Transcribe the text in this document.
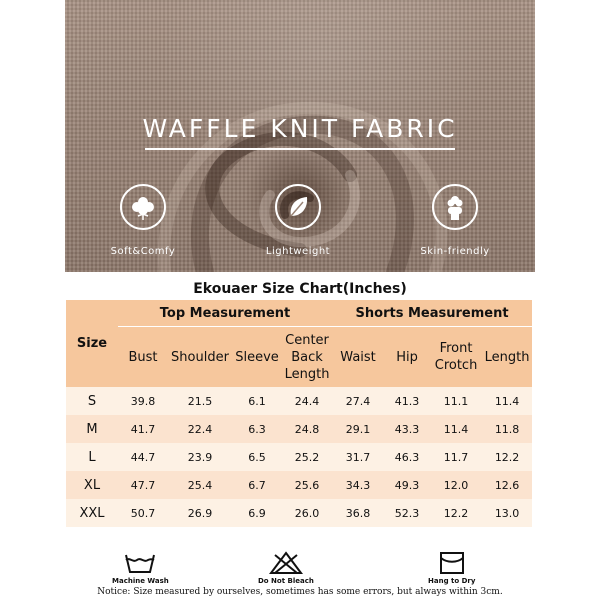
WAFFLE KNIT FABRIC
Soft&Comfy	Lightweight	Skin-friendly
Ekouaer Size Chart(Inches)
Size	Top Measurement				Shorts Measurement			
	Bust	Shoulder	Sleeve	Center Back Length	Waist	Hip	Front Crotch	Length
S	39.8	21.5	6.1	24.4	27.4	41.3	11.1	11.4
M	41.7	22.4	6.3	24.8	29.1	43.3	11.4	11.8
L	44.7	23.9	6.5	25.2	31.7	46.3	11.7	12.2
XL	47.7	25.4	6.7	25.6	34.3	49.3	12.0	12.6
XXL	50.7	26.9	6.9	26.0	36.8	52.3	12.2	13.0
Machine Wash	Do Not Bleach	Hang to Dry
Notice: Size measured by ourselves, sometimes has some errors, but always within 3cm.
